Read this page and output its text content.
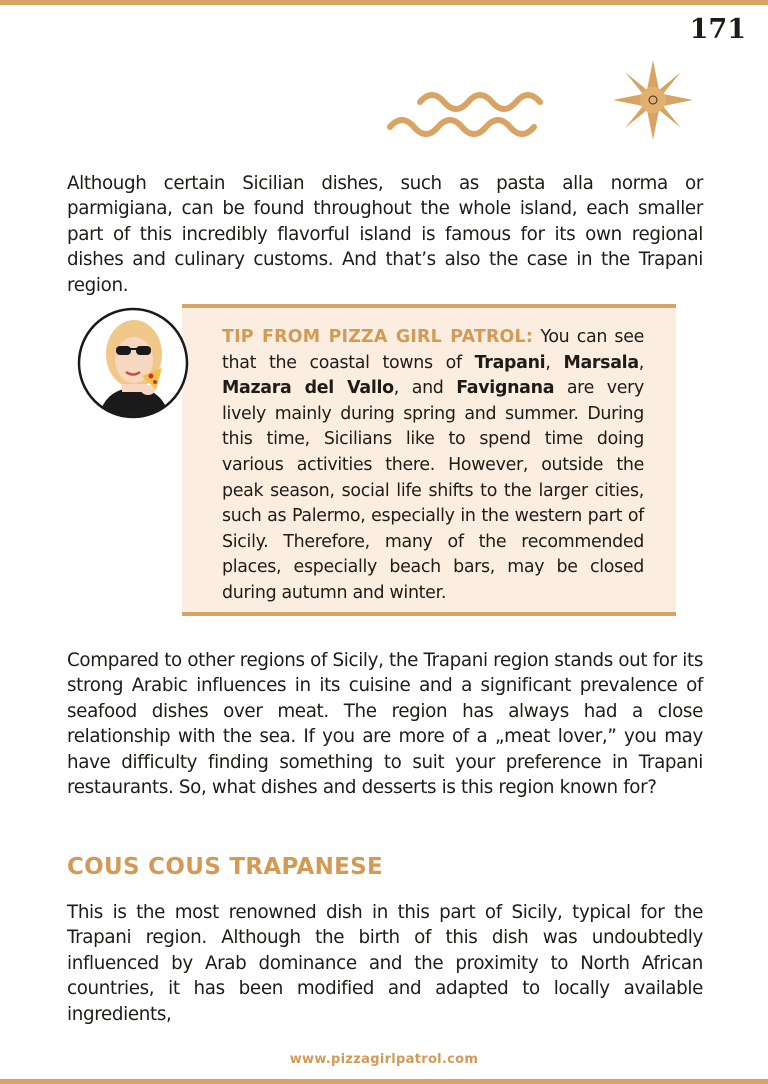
171

Although certain Sicilian dishes, such as pasta alla norma or parmigiana, can be found throughout the whole island, each smaller part of this incredibly flavorful island is famous for its own regional dishes and culinary customs. And that’s also the case in the Trapani region.

TIP FROM PIZZA GIRL PATROL: You can see that the coastal towns of Trapani, Marsala, Mazara del Vallo, and Favignana are very lively mainly during spring and summer. During this time, Sicilians like to spend time doing various activities there. However, outside the peak season, social life shifts to the larger cities, such as Palermo, especially in the western part of Sicily. Therefore, many of the recommended places, especially beach bars, may be closed during autumn and winter.

Compared to other regions of Sicily, the Trapani region stands out for its strong Arabic influences in its cuisine and a significant prevalence of seafood dishes over meat. The region has always had a close relationship with the sea. If you are more of a „meat lover,” you may have difficulty finding something to suit your preference in Trapani restaurants. So, what dishes and desserts is this region known for?

COUS COUS TRAPANESE

This is the most renowned dish in this part of Sicily, typical for the Trapani region. Although the birth of this dish was undoubtedly influenced by Arab dominance and the proximity to North African countries, it has been modified and adapted to locally available ingredients,

www.pizzagirlpatrol.com
